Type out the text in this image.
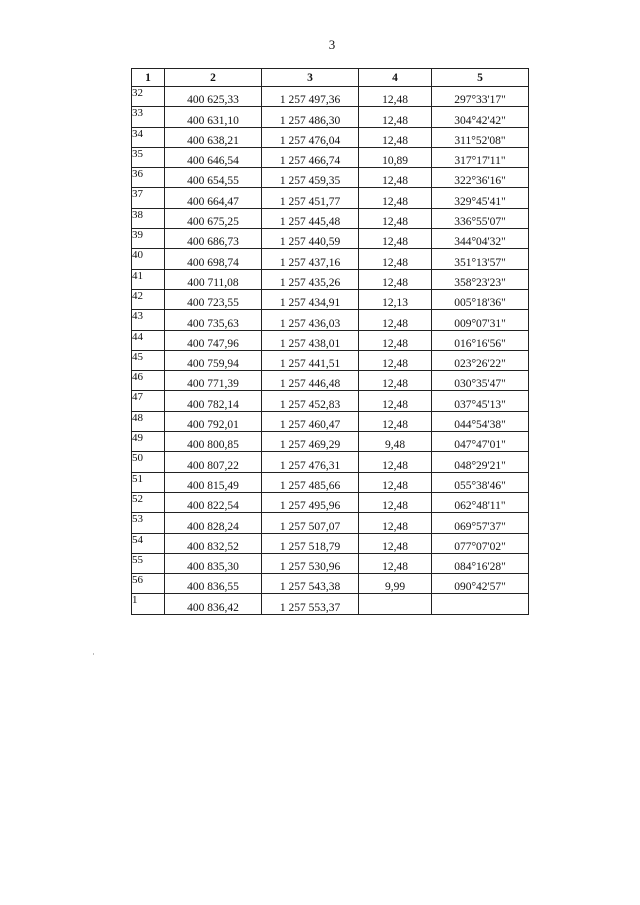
3
1	2	3	4	5
32	400 625,33	1 257 497,36	12,48	297°33'17"
33	400 631,10	1 257 486,30	12,48	304°42'42"
34	400 638,21	1 257 476,04	12,48	311°52'08"
35	400 646,54	1 257 466,74	10,89	317°17'11"
36	400 654,55	1 257 459,35	12,48	322°36'16"
37	400 664,47	1 257 451,77	12,48	329°45'41"
38	400 675,25	1 257 445,48	12,48	336°55'07"
39	400 686,73	1 257 440,59	12,48	344°04'32"
40	400 698,74	1 257 437,16	12,48	351°13'57"
41	400 711,08	1 257 435,26	12,48	358°23'23"
42	400 723,55	1 257 434,91	12,13	005°18'36"
43	400 735,63	1 257 436,03	12,48	009°07'31"
44	400 747,96	1 257 438,01	12,48	016°16'56"
45	400 759,94	1 257 441,51	12,48	023°26'22"
46	400 771,39	1 257 446,48	12,48	030°35'47"
47	400 782,14	1 257 452,83	12,48	037°45'13"
48	400 792,01	1 257 460,47	12,48	044°54'38"
49	400 800,85	1 257 469,29	9,48	047°47'01"
50	400 807,22	1 257 476,31	12,48	048°29'21"
51	400 815,49	1 257 485,66	12,48	055°38'46"
52	400 822,54	1 257 495,96	12,48	062°48'11"
53	400 828,24	1 257 507,07	12,48	069°57'37"
54	400 832,52	1 257 518,79	12,48	077°07'02"
55	400 835,30	1 257 530,96	12,48	084°16'28"
56	400 836,55	1 257 543,38	9,99	090°42'57"
1	400 836,42	1 257 553,37		
